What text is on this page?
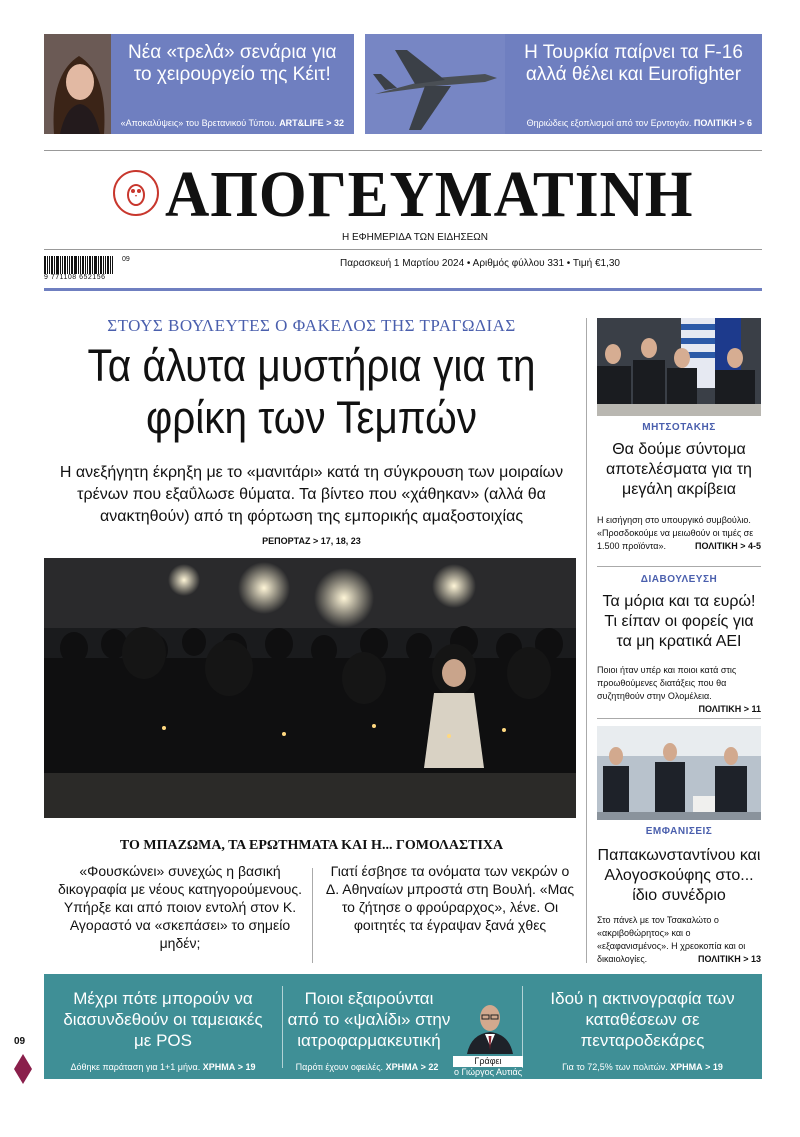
Νέα «τρελά» σενάρια για το χειρουργείο της Κέιτ!
«Αποκαλύψεις» του Βρετανικού Τύπου. ART&LIFE > 32
Η Τουρκία παίρνει τα F-16 αλλά θέλει και Eurofighter
Θηριώδεις εξοπλισμοί από τον Ερντογάν. ΠΟΛΙΤΙΚΗ > 6
ΑΠΟΓΕΥΜΑΤΙΝΗ
Η ΕΦΗΜΕΡΙΔΑ ΤΩΝ ΕΙΔΗΣΕΩΝ
09
9 771108 652156
Παρασκευή 1 Μαρτίου 2024 • Αριθμός φύλλου 331 • Τιμή €1,30
ΣΤΟΥΣ ΒΟΥΛΕΥΤΕΣ Ο ΦΑΚΕΛΟΣ ΤΗΣ ΤΡΑΓΩΔΙΑΣ
Τα άλυτα μυστήρια για τη φρίκη των Τεμπών
Η ανεξήγητη έκρηξη με το «μανιτάρι» κατά τη σύγκρουση των μοιραίων τρένων που εξαΰλωσε θύματα. Τα βίντεο που «χάθηκαν» (αλλά θα ανακτηθούν) από τη φόρτωση της εμπορικής αμαξοστοιχίας
ΡΕΠΟΡΤΑΖ > 17, 18, 23
ΤΟ ΜΠΑΖΩΜΑ, ΤΑ ΕΡΩΤΗΜΑΤΑ ΚΑΙ Η... ΓΟΜΟΛΑΣΤΙΧΑ
«Φουσκώνει» συνεχώς η βασική δικογραφία με νέους κατηγορούμενους. Υπήρξε και από ποιον εντολή στον Κ. Αγοραστό να «σκεπάσει» το σημείο μηδέν;
Γιατί έσβησε τα ονόματα των νεκρών ο Δ. Αθηναίων μπροστά στη Βουλή. «Μας το ζήτησε ο φρούραρχος», λένε. Οι φοιτητές τα έγραψαν ξανά χθες
ΜΗΤΣΟΤΑΚΗΣ
Θα δούμε σύντομα αποτελέσματα για τη μεγάλη ακρίβεια
Η εισήγηση στο υπουργικό συμβούλιο. «Προσδοκούμε να μειωθούν οι τιμές σε 1.500 προϊόντα».	ΠΟΛΙΤΙΚΗ > 4-5
ΔΙΑΒΟΥΛΕΥΣΗ
Τα μόρια και τα ευρώ! Τι είπαν οι φορείς για τα μη κρατικά ΑΕΙ
Ποιοι ήταν υπέρ και ποιοι κατά στις προωθούμενες διατάξεις που θα συζητηθούν στην Ολομέλεια.
ΠΟΛΙΤΙΚΗ > 11
ΕΜΦΑΝΙΣΕΙΣ
Παπακωνσταντίνου και Αλογοσκούφης στο... ίδιο συνέδριο
Στο πάνελ με τον Τσακαλώτο ο «ακριβοθώρητος» και ο «εξαφανισμένος». Η χρεοκοπία και οι δικαιολογίες.	ΠΟΛΙΤΙΚΗ > 13
Μέχρι πότε μπορούν να διασυνδεθούν οι ταμειακές με POS
Δόθηκε παράταση για 1+1 μήνα. ΧΡΗΜΑ > 19
Ποιοι εξαιρούνται από το «ψαλίδι» στην ιατροφαρμακευτική
Παρότι έχουν οφειλές. ΧΡΗΜΑ > 22
Γράφει
ο Γιώργος Αυτιάς
Ιδού η ακτινογραφία των καταθέσεων σε πενταροδεκάρες
Για το 72,5% των πολιτών. ΧΡΗΜΑ > 19
09
